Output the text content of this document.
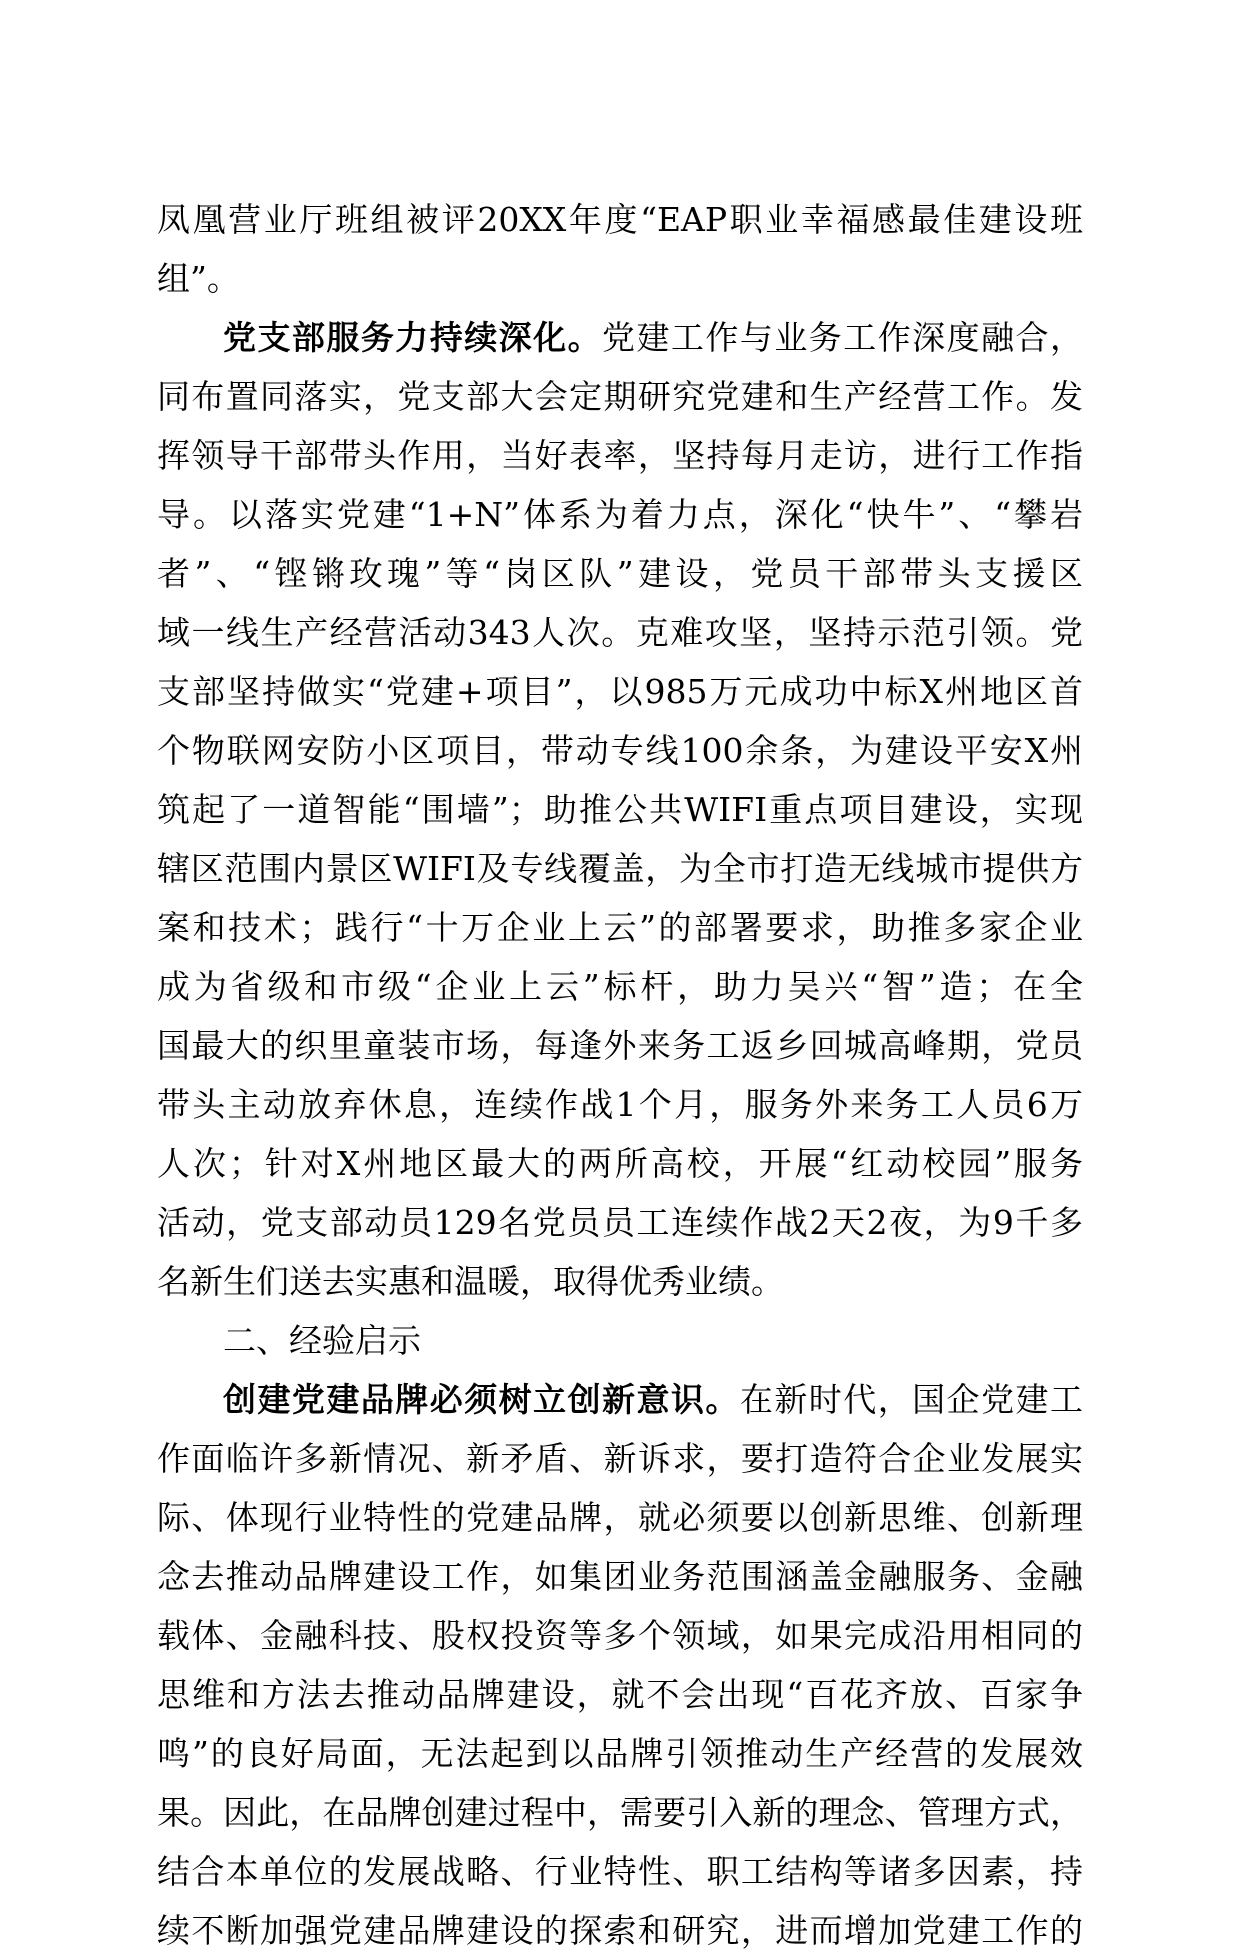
凤凰营业厅班组被评20XX年度“EAP职业幸福感最佳建设班
组”。
党支部服务力持续深化。党建工作与业务工作深度融合，
同布置同落实，党支部大会定期研究党建和生产经营工作。发
挥领导干部带头作用，当好表率，坚持每月走访，进行工作指
导。以落实党建“1+N”体系为着力点，深化“快牛”、“攀岩
者”、“铿锵玫瑰”等“岗区队”建设，党员干部带头支援区
域一线生产经营活动343人次。克难攻坚，坚持示范引领。党
支部坚持做实“党建+项目”，以985万元成功中标X州地区首
个物联网安防小区项目，带动专线100余条，为建设平安X州
筑起了一道智能“围墙”；助推公共WIFI重点项目建设，实现
辖区范围内景区WIFI及专线覆盖，为全市打造无线城市提供方
案和技术；践行“十万企业上云”的部署要求，助推多家企业
成为省级和市级“企业上云”标杆，助力吴兴“智”造；在全
国最大的织里童装市场，每逢外来务工返乡回城高峰期，党员
带头主动放弃休息，连续作战1个月，服务外来务工人员6万
人次；针对X州地区最大的两所高校，开展“红动校园”服务
活动，党支部动员129名党员员工连续作战2天2夜，为9千多
名新生们送去实惠和温暖，取得优秀业绩。
二、经验启示
创建党建品牌必须树立创新意识。在新时代，国企党建工
作面临许多新情况、新矛盾、新诉求，要打造符合企业发展实
际、体现行业特性的党建品牌，就必须要以创新思维、创新理
念去推动品牌建设工作，如集团业务范围涵盖金融服务、金融
载体、金融科技、股权投资等多个领域，如果完成沿用相同的
思维和方法去推动品牌建设，就不会出现“百花齐放、百家争
鸣”的良好局面，无法起到以品牌引领推动生产经营的发展效
果。因此，在品牌创建过程中，需要引入新的理念、管理方式，
结合本单位的发展战略、行业特性、职工结构等诸多因素，持
续不断加强党建品牌建设的探索和研究，进而增加党建工作的
